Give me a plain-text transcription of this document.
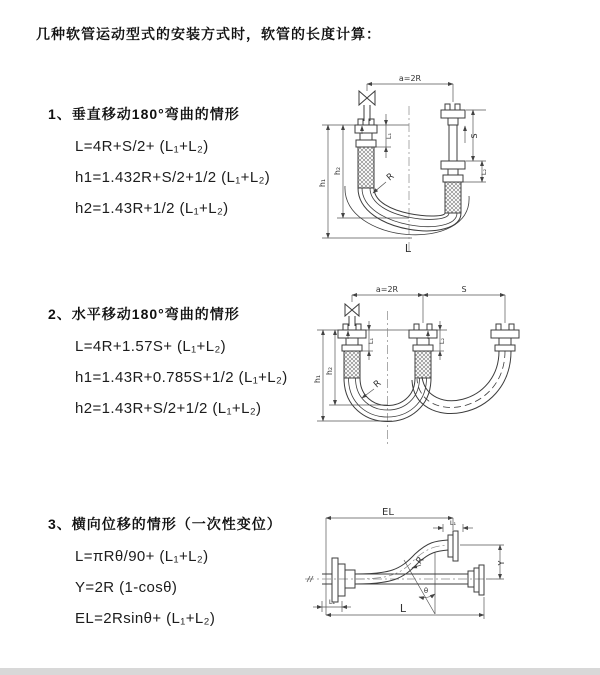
几种软管运动型式的安装方式时，软管的长度计算：
1、垂直移动180°弯曲的情形
L=4R+S/2+ (L₁+L₂)
h1=1.432R+S/2+1/2 (L₁+L₂)
h2=1.43R+1/2 (L₁+L₂)
2、水平移动180°弯曲的情形
L=4R+1.57S+ (L₁+L₂)
h1=1.43R+0.785S+1/2 (L₁+L₂)
h2=1.43R+S/2+1/2 (L₁+L₂)
3、横向位移的情形（一次性变位）
L=πRθ/90+ (L₁+L₂)
Y=2R (1-cosθ)
EL=2Rsinθ+ (L₁+L₂)
a=2R
h₁
h₂
L₁	S
L₂
R
L
a=2R	S
h₁
h₂
L₁	L₂
R
EL
L₁
Y
R
θ
L
L₁
